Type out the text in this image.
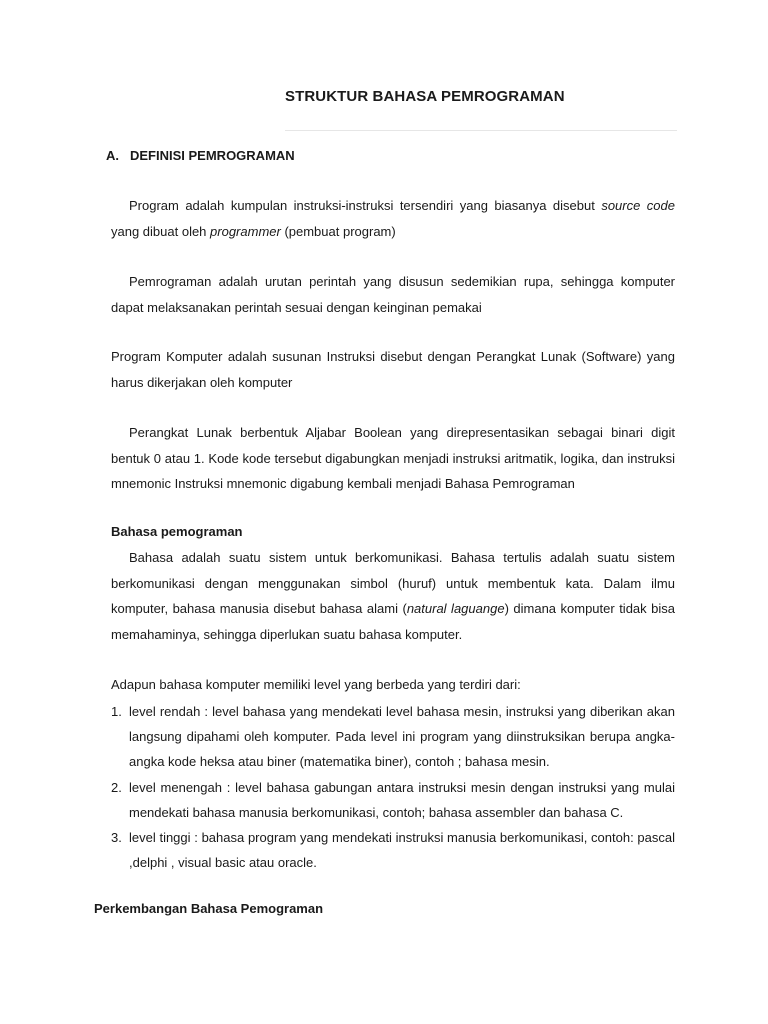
STRUKTUR BAHASA PEMROGRAMAN
A. DEFINISI PEMROGRAMAN

Program adalah kumpulan instruksi-instruksi tersendiri yang biasanya disebut source code yang dibuat oleh programmer (pembuat program)

Pemrograman adalah urutan perintah yang disusun sedemikian rupa, sehingga komputer dapat melaksanakan perintah sesuai dengan keinginan pemakai

Program Komputer adalah susunan Instruksi disebut dengan Perangkat Lunak (Software) yang harus dikerjakan oleh komputer

Perangkat Lunak berbentuk Aljabar Boolean yang direpresentasikan sebagai binari digit bentuk 0 atau 1. Kode kode tersebut digabungkan menjadi instruksi aritmatik, logika, dan instruksi mnemonic Instruksi mnemonic digabung kembali menjadi Bahasa Pemrograman

Bahasa pemograman

Bahasa adalah suatu sistem untuk berkomunikasi. Bahasa tertulis adalah suatu sistem berkomunikasi dengan menggunakan simbol (huruf) untuk membentuk kata. Dalam ilmu komputer, bahasa manusia disebut bahasa alami (natural laguange) dimana komputer tidak bisa memahaminya, sehingga diperlukan suatu bahasa komputer.

Adapun bahasa komputer memiliki level yang berbeda yang terdiri dari:

1. level rendah : level bahasa yang mendekati level bahasa mesin, instruksi yang diberikan akan langsung dipahami oleh komputer. Pada level ini program yang diinstruksikan berupa angka-angka kode heksa atau biner (matematika biner), contoh ; bahasa mesin.
2. level menengah : level bahasa gabungan antara instruksi mesin dengan instruksi yang mulai mendekati bahasa manusia berkomunikasi, contoh; bahasa assembler dan bahasa C.
3. level tinggi : bahasa program yang mendekati instruksi manusia berkomunikasi, contoh: pascal ,delphi , visual basic atau oracle.
Perkembangan Bahasa Pemograman
